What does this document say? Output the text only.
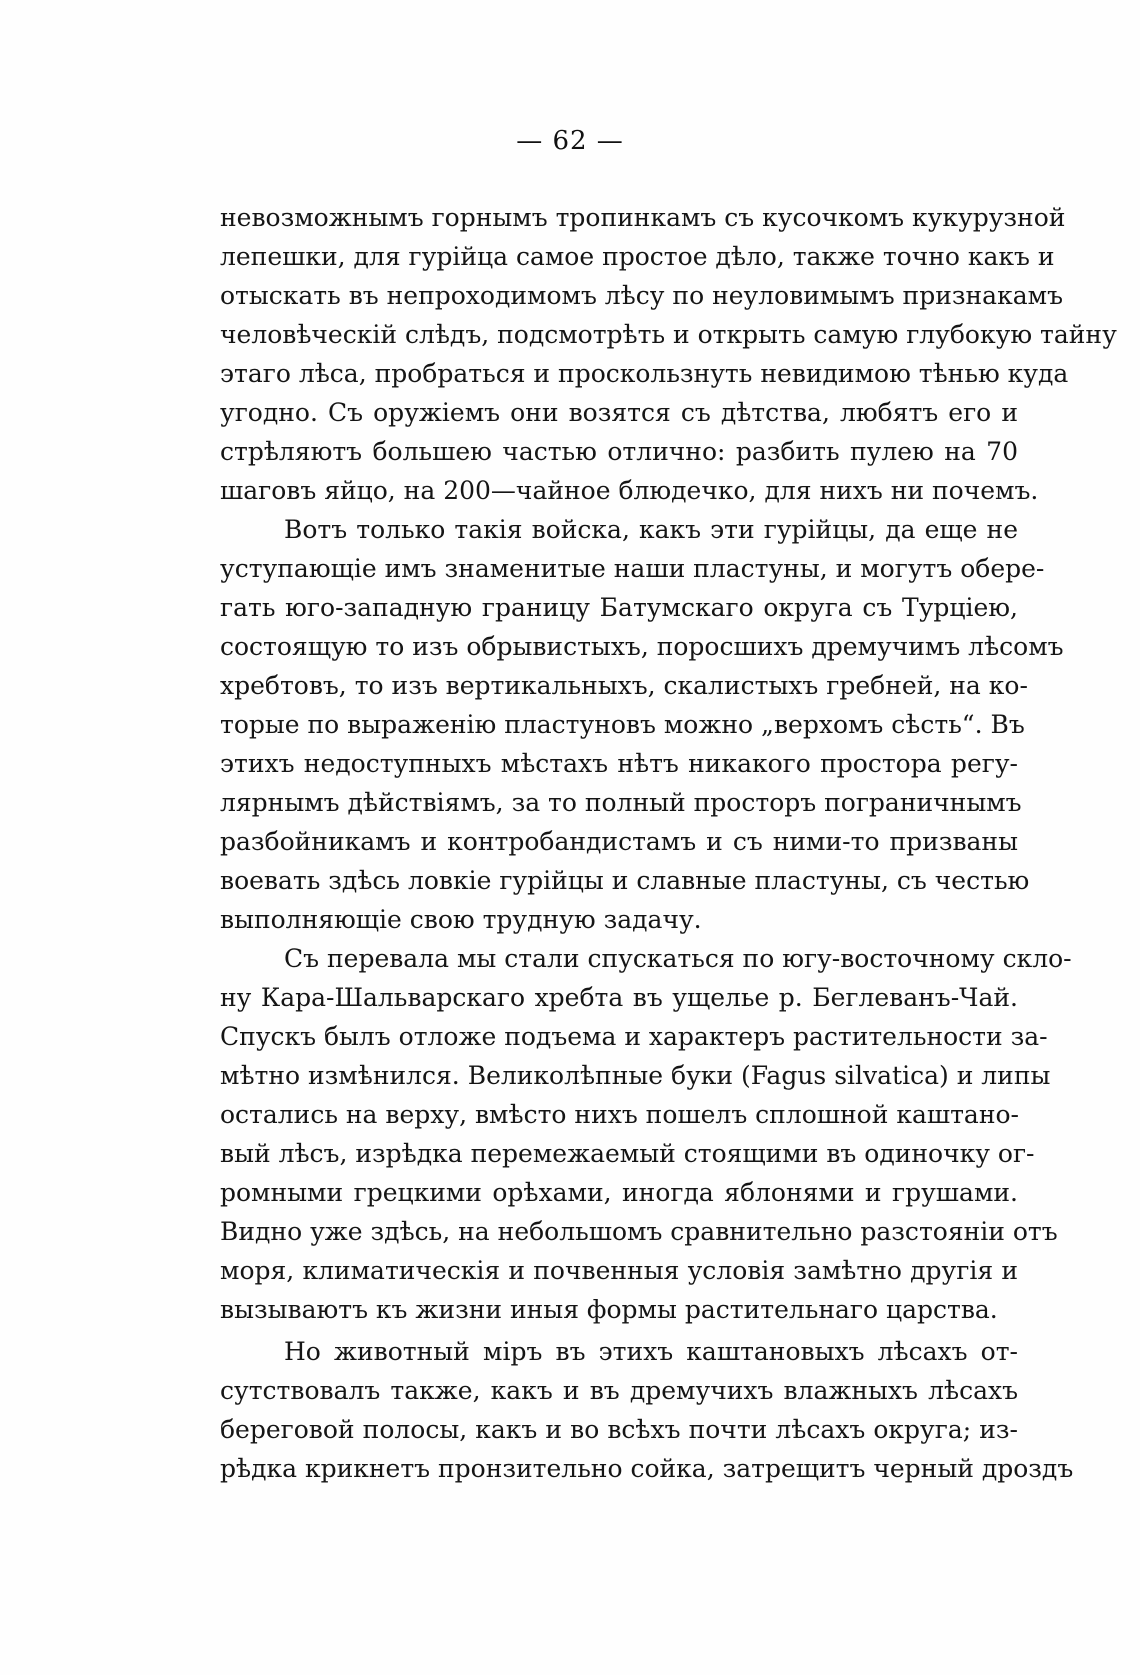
— 62 —
невозможнымъ горнымъ тропинкамъ съ кусочкомъ кукурузной
лепешки, для гурійца самое простое дѣло, также точно какъ и
отыскать въ непроходимомъ лѣсу по неуловимымъ признакамъ
человѣческій слѣдъ, подсмотрѣть и открыть самую глубокую тайну
этаго лѣса, пробраться и проскользнуть невидимою тѣнью куда
угодно. Съ оружіемъ они возятся съ дѣтства, любятъ его и
стрѣляютъ большею частью отлично: разбить пулею на 70
шаговъ яйцо, на 200—чайное блюдечко, для нихъ ни почемъ.
Вотъ только такія войска, какъ эти гурійцы, да еще не
уступающіе имъ знаменитые наши пластуны, и могутъ обере-
гать юго-западную границу Батумскаго округа съ Турціею,
состоящую то изъ обрывистыхъ, поросшихъ дремучимъ лѣсомъ
хребтовъ, то изъ вертикальныхъ, скалистыхъ гребней, на ко-
торые по выраженію пластуновъ можно „верхомъ сѣсть“. Въ
этихъ недоступныхъ мѣстахъ нѣтъ никакого простора регу-
лярнымъ дѣйствіямъ, за то полный просторъ пограничнымъ
разбойникамъ и контробандистамъ и съ ними-то призваны
воевать здѣсь ловкіе гурійцы и славные пластуны, съ честью
выполняющіе свою трудную задачу.
Съ перевала мы стали спускаться по югу-восточному скло-
ну Кара-Шальварскаго хребта въ ущелье р. Беглеванъ-Чай.
Спускъ былъ отложе подъема и характеръ растительности за-
мѣтно измѣнился. Великолѣпные буки (Fagus silvatica) и липы
остались на верху, вмѣсто нихъ пошелъ сплошной каштано-
вый лѣсъ, изрѣдка перемежаемый стоящими въ одиночку ог-
ромными грецкими орѣхами, иногда яблонями и грушами.
Видно уже здѣсь, на небольшомъ сравнительно разстояніи отъ
моря, климатическія и почвенныя условія замѣтно другія и
вызываютъ къ жизни иныя формы растительнаго царства.
Но животный міръ въ этихъ каштановыхъ лѣсахъ от-
сутствовалъ также, какъ и въ дремучихъ влажныхъ лѣсахъ
береговой полосы, какъ и во всѣхъ почти лѣсахъ округа; из-
рѣдка крикнетъ пронзительно сойка, затрещитъ черный дроздъ
